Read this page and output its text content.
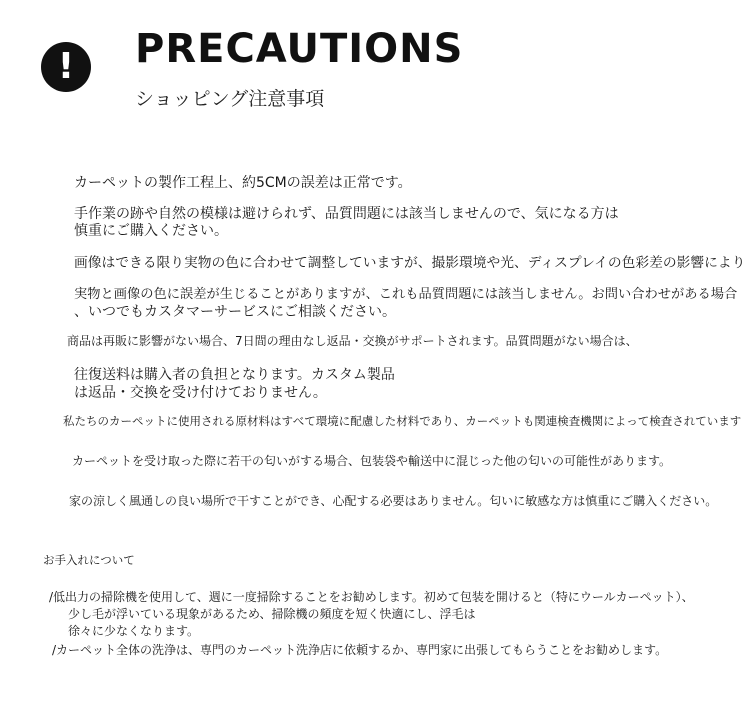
!	PRECAUTIONS
ショッピング注意事項
カーペットの製作工程上、約5CMの誤差は正常です。
手作業の跡や自然の模様は避けられず、品質問題には該当しませんので、気になる方は
慎重にご購入ください。
画像はできる限り実物の色に合わせて調整していますが、撮影環境や光、ディスプレイの色彩差の影響により
実物と画像の色に誤差が生じることがありますが、これも品質問題には該当しません。お問い合わせがある場合
、いつでもカスタマーサービスにご相談ください。
商品は再販に影響がない場合、7日間の理由なし返品・交換がサポートされます。品質問題がない場合は、
往復送料は購入者の負担となります。カスタム製品
は返品・交換を受け付けておりません。
私たちのカーペットに使用される原材料はすべて環境に配慮した材料であり、カーペットも関連検査機関によって検査されています
カーペットを受け取った際に若干の匂いがする場合、包装袋や輸送中に混じった他の匂いの可能性があります。
家の涼しく風通しの良い場所で干すことができ、心配する必要はありません。匂いに敏感な方は慎重にご購入ください。
お手入れについて
/低出力の掃除機を使用して、週に一度掃除することをお勧めします。初めて包装を開けると（特にウールカーペット）、
少し毛が浮いている現象があるため、掃除機の頻度を短く快適にし、浮毛は
徐々に少なくなります。
/カーペット全体の洗浄は、専門のカーペット洗浄店に依頼するか、専門家に出張してもらうことをお勧めします。
